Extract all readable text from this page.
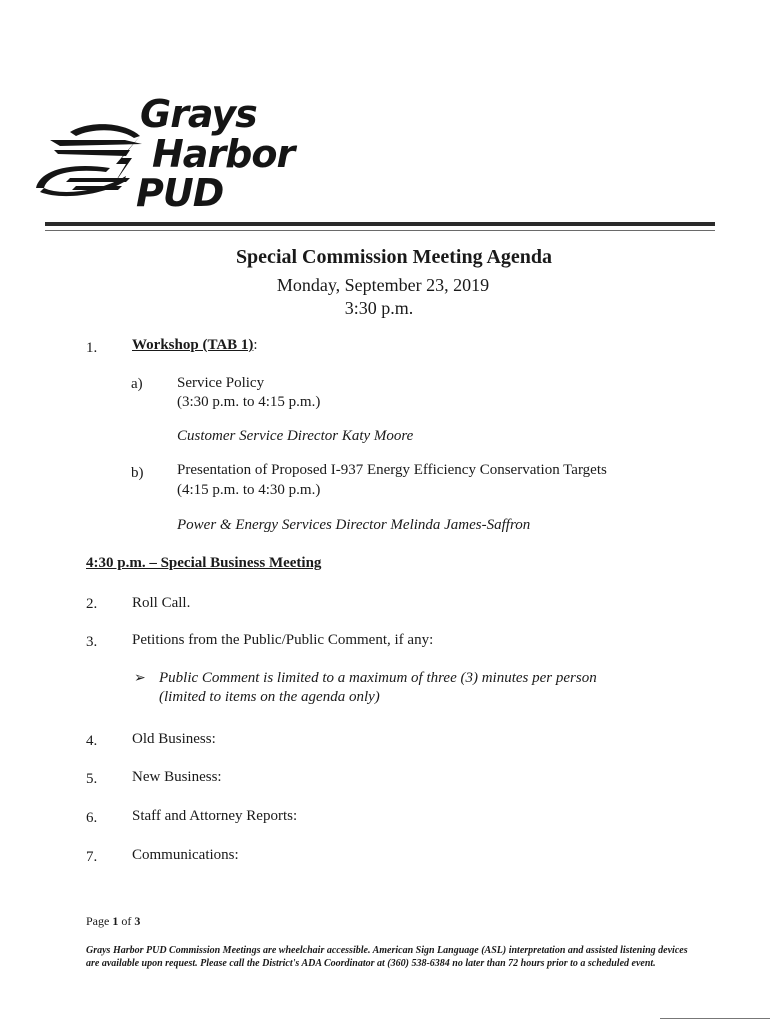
Grays
Harbor
PUD
Special Commission Meeting Agenda
Monday, September 23, 2019
3:30 p.m.
1. Workshop (TAB 1):
a) Service Policy
(3:30 p.m. to 4:15 p.m.)
Customer Service Director Katy Moore
b) Presentation of Proposed I-937 Energy Efficiency Conservation Targets
(4:15 p.m. to 4:30 p.m.)
Power & Energy Services Director Melinda James-Saffron
4:30 p.m. – Special Business Meeting
2. Roll Call.
3. Petitions from the Public/Public Comment, if any:
➢ Public Comment is limited to a maximum of three (3) minutes per person
(limited to items on the agenda only)
4. Old Business:
5. New Business:
6. Staff and Attorney Reports:
7. Communications:
Page 1 of 3
Grays Harbor PUD Commission Meetings are wheelchair accessible. American Sign Language (ASL) interpretation and assisted listening devices are available upon request. Please call the District's ADA Coordinator at (360) 538-6384 no later than 72 hours prior to a scheduled event.
